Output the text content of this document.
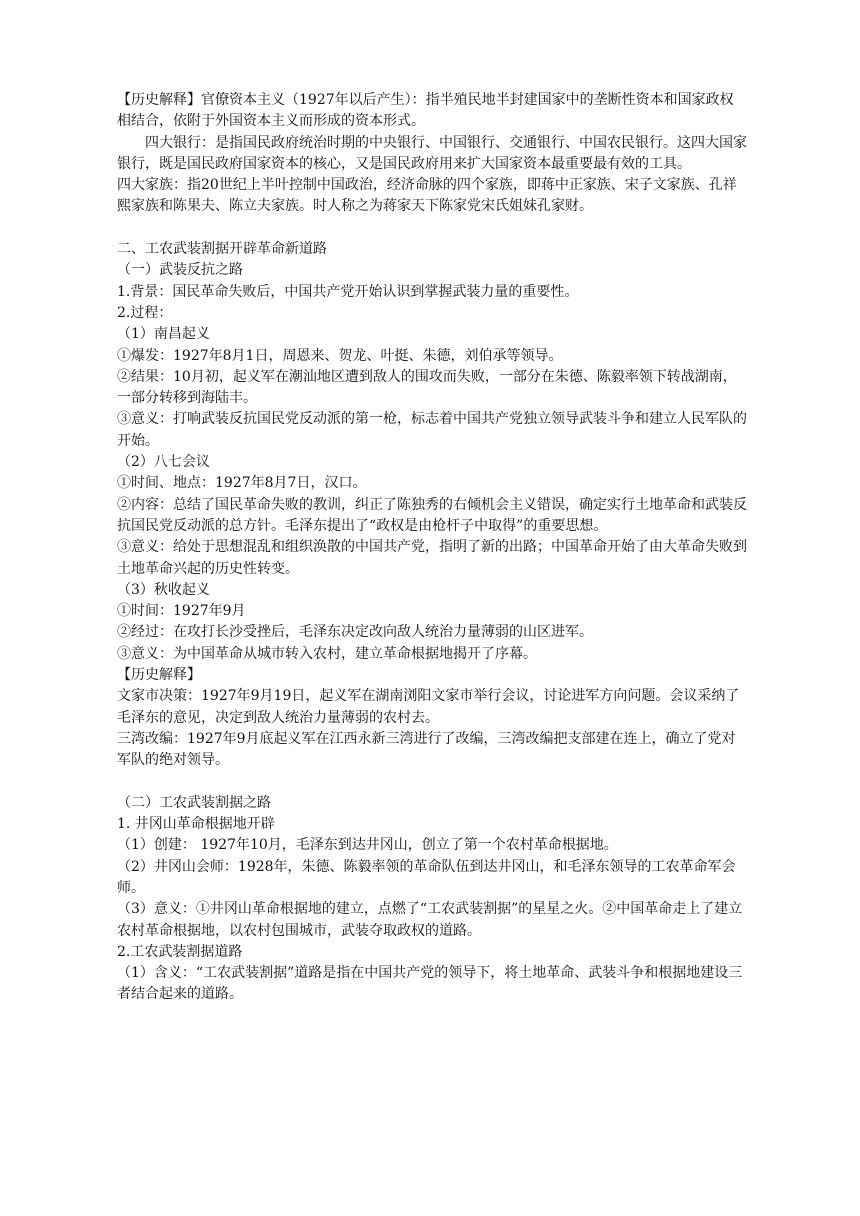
【历史解释】官僚资本主义（1927年以后产生）：指半殖民地半封建国家中的垄断性资本和国家政权相结合，依附于外国资本主义而形成的资本形式。

四大银行：是指国民政府统治时期的中央银行、中国银行、交通银行、中国农民银行。这四大国家银行，既是国民政府国家资本的核心，又是国民政府用来扩大国家资本最重要最有效的工具。

四大家族：指20世纪上半叶控制中国政治，经济命脉的四个家族，即蒋中正家族、宋子文家族、孔祥熙家族和陈果夫、陈立夫家族。时人称之为蒋家天下陈家党宋氏姐妹孔家财。

二、工农武装割据开辟革命新道路

（一）武装反抗之路

1.背景：国民革命失败后，中国共产党开始认识到掌握武装力量的重要性。

2.过程：

（1）南昌起义

①爆发：1927年8月1日，周恩来、贺龙、叶挺、朱德，刘伯承等领导。

②结果：10月初，起义军在潮汕地区遭到敌人的围攻而失败，一部分在朱德、陈毅率领下转战湖南，一部分转移到海陆丰。

③意义：打响武装反抗国民党反动派的第一枪，标志着中国共产党独立领导武装斗争和建立人民军队的开始。

（2）八七会议

①时间、地点：1927年8月7日，汉口。

②内容：总结了国民革命失败的教训，纠正了陈独秀的右倾机会主义错误，确定实行土地革命和武装反抗国民党反动派的总方针。毛泽东提出了“政权是由枪杆子中取得”的重要思想。

③意义：给处于思想混乱和组织涣散的中国共产党，指明了新的出路；中国革命开始了由大革命失败到土地革命兴起的历史性转变。

（3）秋收起义

①时间：1927年9月

②经过：在攻打长沙受挫后，毛泽东决定改向敌人统治力量薄弱的山区进军。

③意义：为中国革命从城市转入农村，建立革命根据地揭开了序幕。

【历史解释】

文家市决策：1927年9月19日，起义军在湖南浏阳文家市举行会议，讨论进军方向问题。会议采纳了毛泽东的意见，决定到敌人统治力量薄弱的农村去。

三湾改编：1927年9月底起义军在江西永新三湾进行了改编，三湾改编把支部建在连上，确立了党对军队的绝对领导。

（二）工农武装割据之路

1. 井冈山革命根据地开辟

（1）创建： 1927年10月，毛泽东到达井冈山，创立了第一个农村革命根据地。

（2）井冈山会师：1928年，朱德、陈毅率领的革命队伍到达井冈山，和毛泽东领导的工农革命军会师。

（3）意义：①井冈山革命根据地的建立，点燃了“工农武装割据”的星星之火。②中国革命走上了建立农村革命根据地，以农村包围城市，武装夺取政权的道路。

2.工农武装割据道路

（1）含义：“工农武装割据”道路是指在中国共产党的领导下，将土地革命、武装斗争和根据地建设三者结合起来的道路。
